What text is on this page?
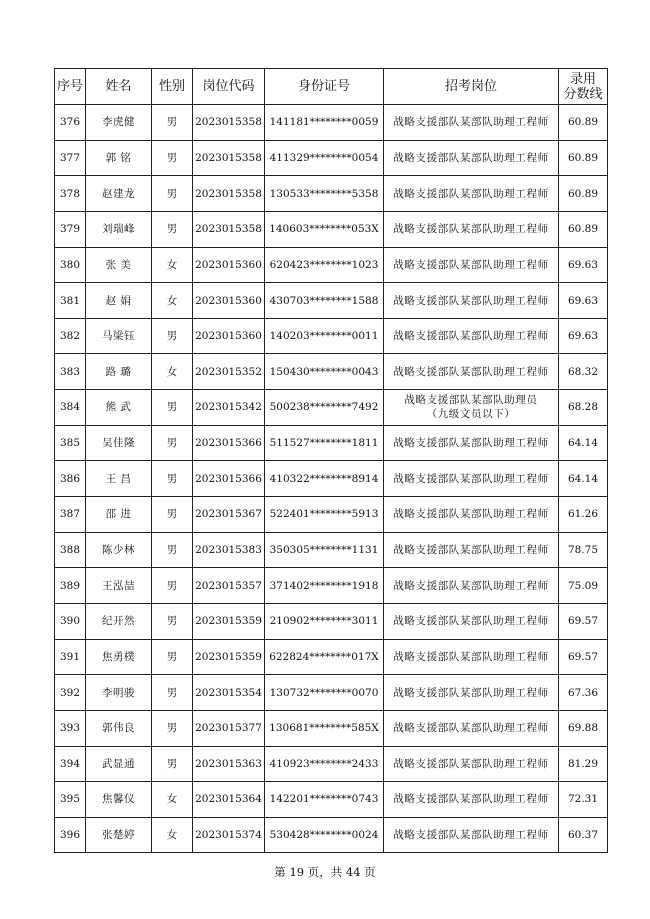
序号	姓名	性别	岗位代码	身份证号	招考岗位	录用
分数线
376	李虎健	男	2023015358	141181********0059	战略支援部队某部队助理工程师	60.89
377	郭 铭	男	2023015358	411329********0054	战略支援部队某部队助理工程师	60.89
378	赵建龙	男	2023015358	130533********5358	战略支援部队某部队助理工程师	60.89
379	刘瑞峰	男	2023015358	140603********053X	战略支援部队某部队助理工程师	60.89
380	张 美	女	2023015360	620423********1023	战略支援部队某部队助理工程师	69.63
381	赵 娟	女	2023015360	430703********1588	战略支援部队某部队助理工程师	69.63
382	马梁钰	男	2023015360	140203********0011	战略支援部队某部队助理工程师	69.63
383	路 璐	女	2023015352	150430********0043	战略支援部队某部队助理工程师	68.32
384	熊 武	男	2023015342	500238********7492	战略支援部队某部队助理员
（九级文员以下）	68.28
385	吴佳隆	男	2023015366	511527********1811	战略支援部队某部队助理工程师	64.14
386	王 昌	男	2023015366	410322********8914	战略支援部队某部队助理工程师	64.14
387	邵 进	男	2023015367	522401********5913	战略支援部队某部队助理工程师	61.26
388	陈少林	男	2023015383	350305********1131	战略支援部队某部队助理工程师	78.75
389	王泓喆	男	2023015357	371402********1918	战略支援部队某部队助理工程师	75.09
390	纪开然	男	2023015359	210902********3011	战略支援部队某部队助理工程师	69.57
391	焦勇樸	男	2023015359	622824********017X	战略支援部队某部队助理工程师	69.57
392	李明骏	男	2023015354	130732********0070	战略支援部队某部队助理工程师	67.36
393	郭伟良	男	2023015377	130681********585X	战略支援部队某部队助理工程师	69.88
394	武显通	男	2023015363	410923********2433	战略支援部队某部队助理工程师	81.29
395	焦馨仪	女	2023015364	142201********0743	战略支援部队某部队助理工程师	72.31
396	张楚婷	女	2023015374	530428********0024	战略支援部队某部队助理工程师	60.37
第 19 页，共 44 页
